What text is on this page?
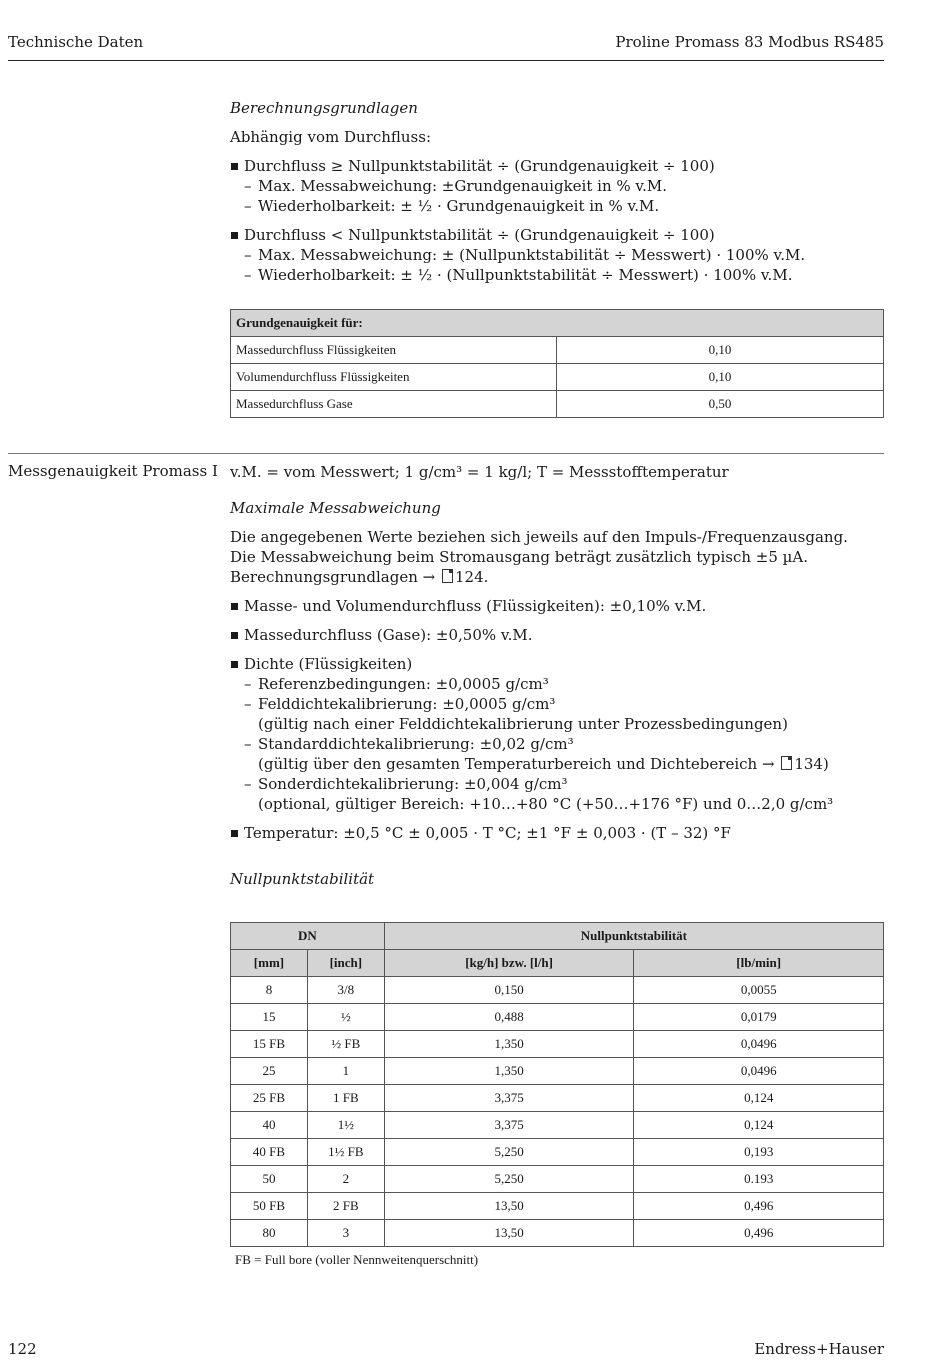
Technische Daten	Proline Promass 83 Modbus RS485
Berechnungsgrundlagen
Abhängig vom Durchfluss:
Durchfluss ≥ Nullpunktstabilität ÷ (Grundgenauigkeit ÷ 100)
– Max. Messabweichung: ±Grundgenauigkeit in % v.M.
– Wiederholbarkeit: ± ½ · Grundgenauigkeit in % v.M.
Durchfluss < Nullpunktstabilität ÷ (Grundgenauigkeit ÷ 100)
– Max. Messabweichung: ± (Nullpunktstabilität ÷ Messwert) · 100% v.M.
– Wiederholbarkeit: ± ½ · (Nullpunktstabilität ÷ Messwert) · 100% v.M.
Grundgenauigkeit für:	
Massedurchfluss Flüssigkeiten	0,10
Volumendurchfluss Flüssigkeiten	0,10
Massedurchfluss Gase	0,50
Messgenauigkeit Promass I v.M. = vom Messwert; 1 g/cm³ = 1 kg/l; T = Messstofftemperatur
Maximale Messabweichung
Die angegebenen Werte beziehen sich jeweils auf den Impuls-/Frequenzausgang.
Die Messabweichung beim Stromausgang beträgt zusätzlich typisch ±5 µA.
Berechnungsgrundlagen → 124.
Masse- und Volumendurchfluss (Flüssigkeiten): ±0,10% v.M.
Massedurchfluss (Gase): ±0,50% v.M.
Dichte (Flüssigkeiten)
– Referenzbedingungen: ±0,0005 g/cm³
– Felddichtekalibrierung: ±0,0005 g/cm³
(gültig nach einer Felddichtekalibrierung unter Prozessbedingungen)
– Standarddichtekalibrierung: ±0,02 g/cm³
(gültig über den gesamten Temperaturbereich und Dichtebereich → 134)
– Sonderdichtekalibrierung: ±0,004 g/cm³
(optional, gültiger Bereich: +10…+80 °C (+50…+176 °F) und 0…2,0 g/cm³
Temperatur: ±0,5 °C ± 0,005 · T °C; ±1 °F ± 0,003 · (T – 32) °F
Nullpunktstabilität
DN		Nullpunktstabilität	
[mm]	[inch]	[kg/h] bzw. [l/h]	[lb/min]
8	3/8	0,150	0,0055
15	½	0,488	0,0179
15 FB	½ FB	1,350	0,0496
25	1	1,350	0,0496
25 FB	1 FB	3,375	0,124
40	1½	3,375	0,124
40 FB	1½ FB	5,250	0,193
50	2	5,250	0.193
50 FB	2 FB	13,50	0,496
80	3	13,50	0,496
FB = Full bore (voller Nennweitenquerschnitt)
122	Endress+Hauser
